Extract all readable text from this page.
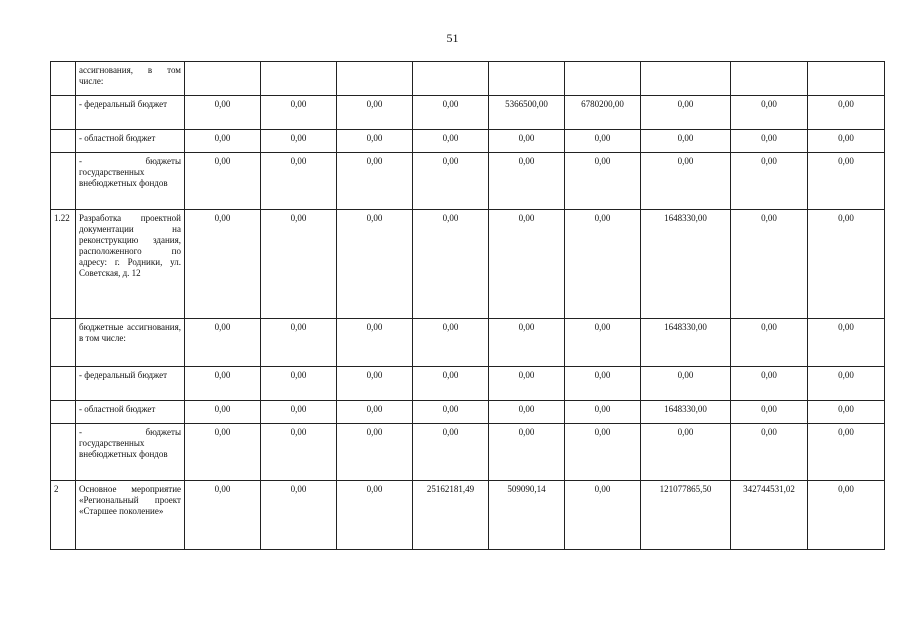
51
	ассигнования, в том числе:									
	- федеральный бюджет	0,00	0,00	0,00	0,00	5366500,00	6780200,00	0,00	0,00	0,00
	- областной бюджет	0,00	0,00	0,00	0,00	0,00	0,00	0,00	0,00	0,00
	- бюджеты государственных внебюджетных фондов	0,00	0,00	0,00	0,00	0,00	0,00	0,00	0,00	0,00
1.22	Разработка проектной документации на реконструкцию здания, расположенного по адресу: г. Родники, ул. Советская, д. 12	0,00	0,00	0,00	0,00	0,00	0,00	1648330,00	0,00	0,00
	бюджетные ассигнования, в том числе:	0,00	0,00	0,00	0,00	0,00	0,00	1648330,00	0,00	0,00
	- федеральный бюджет	0,00	0,00	0,00	0,00	0,00	0,00	0,00	0,00	0,00
	- областной бюджет	0,00	0,00	0,00	0,00	0,00	0,00	1648330,00	0,00	0,00
	- бюджеты государственных внебюджетных фондов	0,00	0,00	0,00	0,00	0,00	0,00	0,00	0,00	0,00
2	Основное мероприятие «Региональный проект «Старшее поколение»	0,00	0,00	0,00	25162181,49	509090,14	0,00	121077865,50	342744531,02	0,00
